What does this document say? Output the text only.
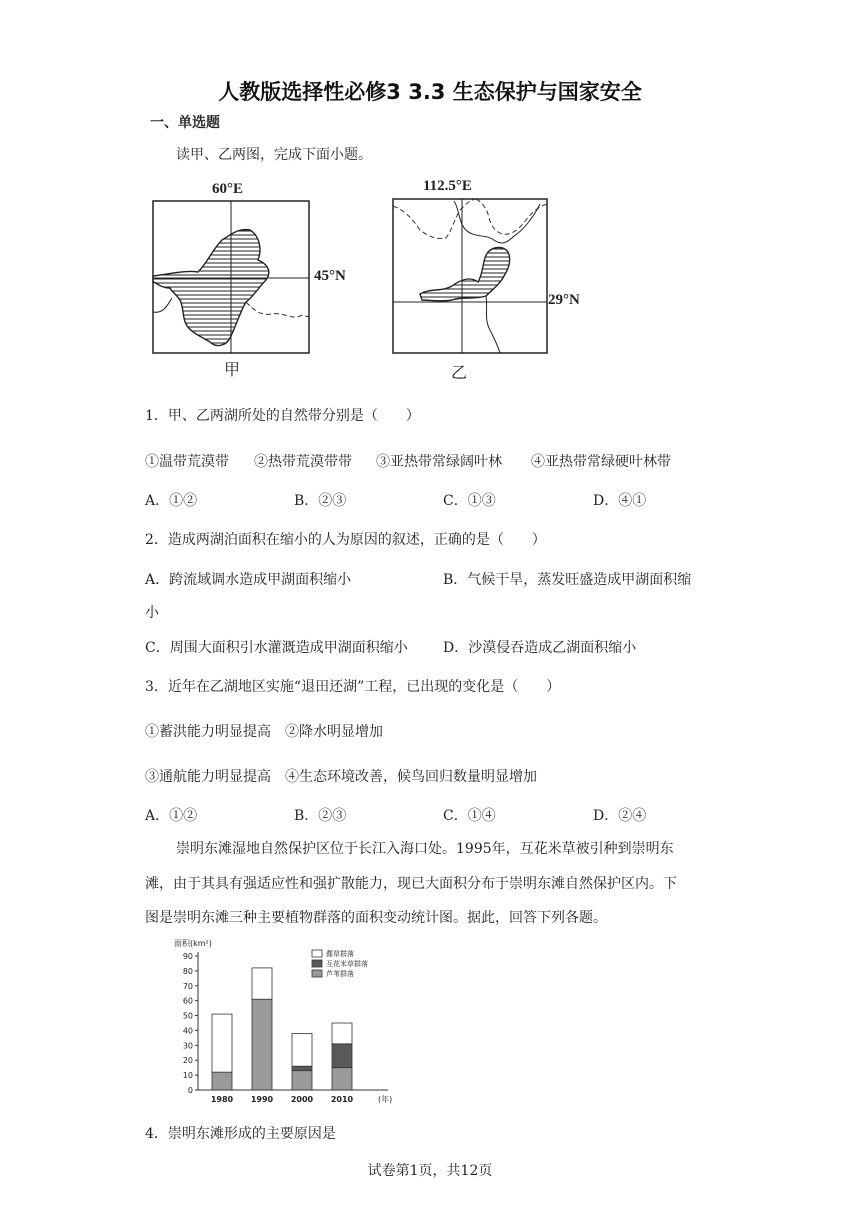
人教版选择性必修3 3.3 生态保护与国家安全
一、单选题
读甲、乙两图，完成下面小题。
60°E
45°N
甲
112.5°E
29°N
乙
1．甲、乙两湖所处的自然带分别是（　　）
①温带荒漠带 ②热带荒漠带带 ③亚热带常绿阔叶林 ④亚热带常绿硬叶林带
A．①②	B．②③	C．①③	D．④①
2．造成两湖泊面积在缩小的人为原因的叙述，正确的是（　　）
A．跨流域调水造成甲湖面积缩小	B．气候干旱，蒸发旺盛造成甲湖面积缩
小
C．周围大面积引水灌溉造成甲湖面积缩小	D．沙漠侵吞造成乙湖面积缩小
3．近年在乙湖地区实施“退田还湖”工程，已出现的变化是（　　）
①蓄洪能力明显提高　②降水明显增加
③通航能力明显提高　④生态环境改善，候鸟回归数量明显增加
A．①②	B．②③	C．①④	D．②④
崇明东滩湿地自然保护区位于长江入海口处。1995年，互花米草被引种到崇明东
滩，由于其具有强适应性和强扩散能力，现已大面积分布于崇明东滩自然保护区内。下
图是崇明东滩三种主要植物群落的面积变动统计图。据此，回答下列各题。
面积(km²)
0
10
20
30
40
50
60
70
80
90
1980 1990 2000 2010	(年)
藨草群落
互花米草群落
芦苇群落
4．崇明东滩形成的主要原因是
试卷第1页，共12页
